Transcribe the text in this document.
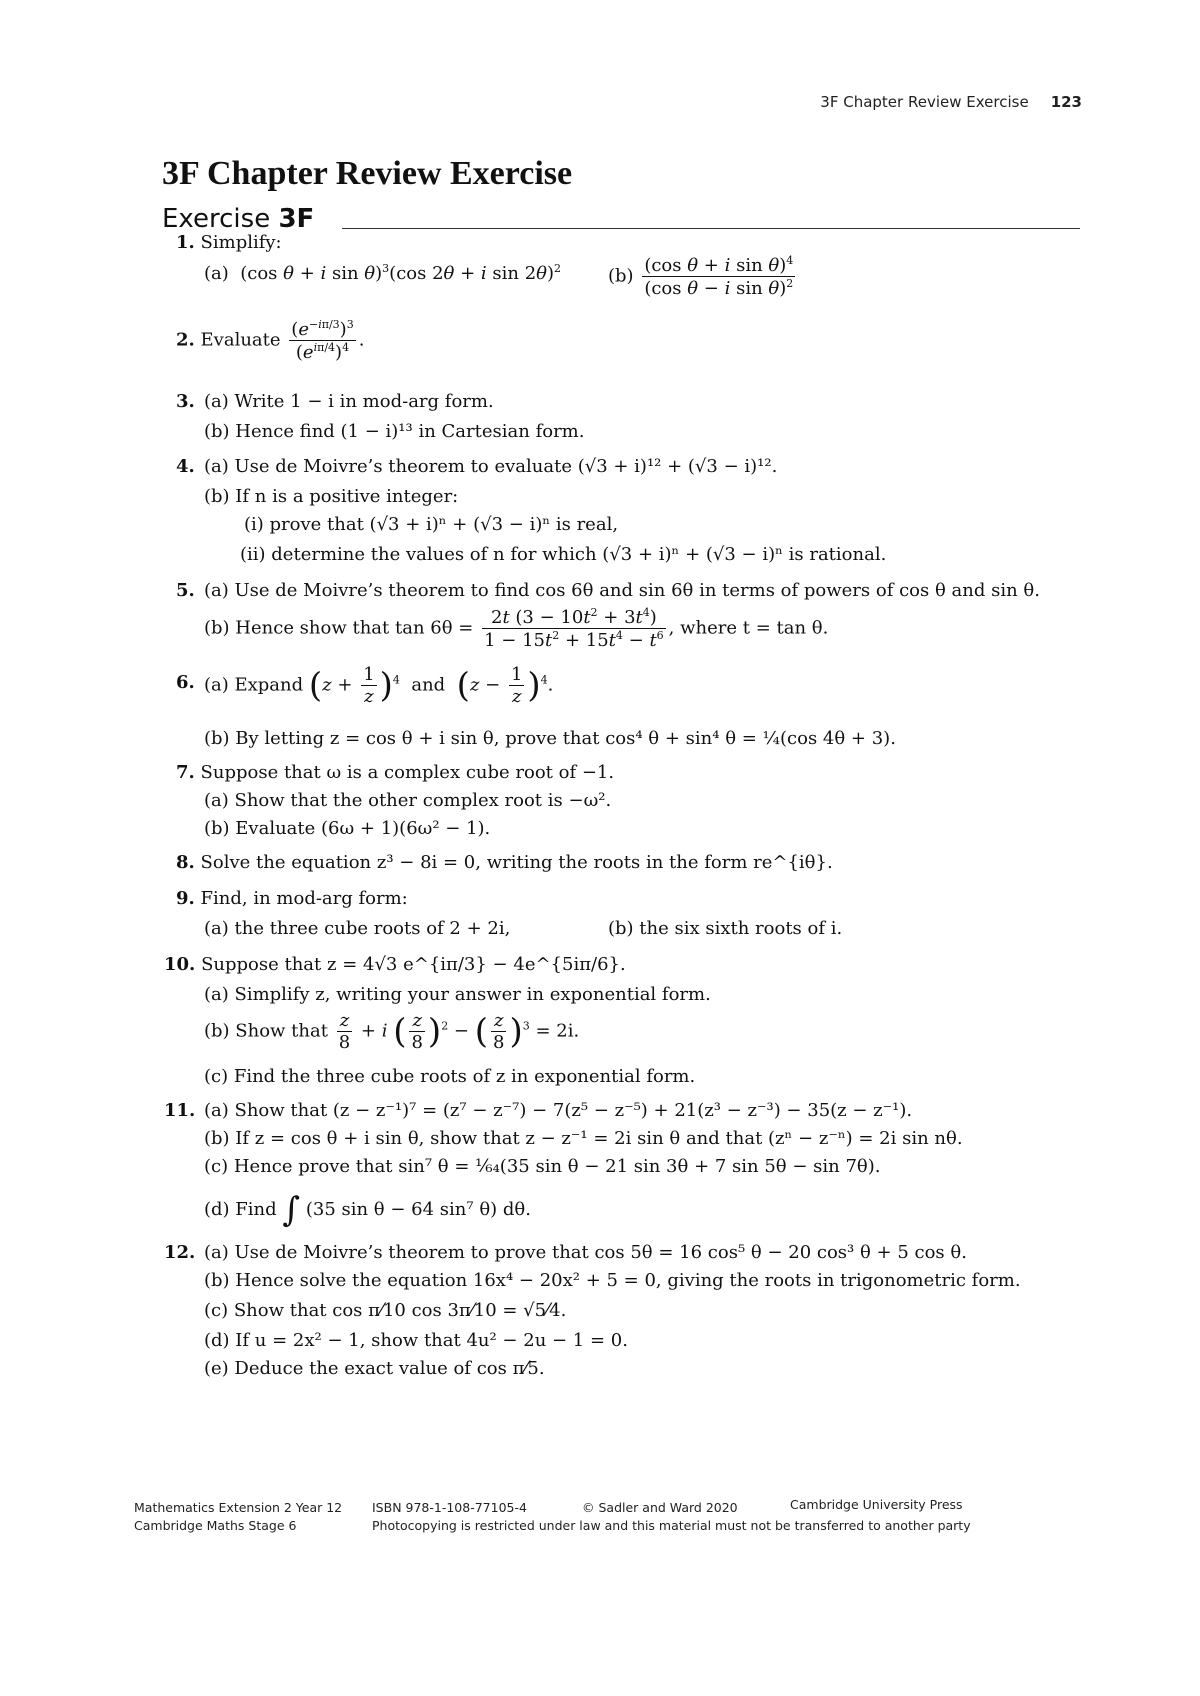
3F Chapter Review Exercise 123
3F Chapter Review Exercise
Exercise 3F
1. Simplify:
(a)  (cos θ + i sin θ)$^3$(cos 2θ + i sin 2θ)$^2$	$(b) \frac{(\cos \theta + i \sin \theta)^4}{(\cos \theta - i \sin \theta)^2}$
2. Evaluate $\frac{(e^{-i\pi/3})^3}{(e^{i\pi/4})^4}$ .
3. (a) Write 1 − i in mod-arg form.
(b) Hence find (1 − i)¹³ in Cartesian form.
4. (a) Use de Moivre’s theorem to evaluate (√3 + i)¹² + (√3 − i)¹².
(b) If n is a positive integer:
(i) prove that (√3 + i)ⁿ + (√3 − i)ⁿ is real,
(ii) determine the values of n for which (√3 + i)ⁿ + (√3 − i)ⁿ is rational.
5. (a) Use de Moivre’s theorem to find cos 6θ and sin 6θ in terms of powers of cos θ and sin θ.
(b) Hence show that $\tan 6\theta = \frac{2t (3 - 10t^2 + 3t^4)}{1 - 15t^2 + 15t^4 - t^6}$ , where t = tan θ.
6. (a) Expand $(z + \frac{1}{z} )^4$ and $(z - \frac{1}{z} )^4$.
(b) By letting z = cos θ + i sin θ, prove that cos⁴ θ + sin⁴ θ = ¼(cos 4θ + 3).
7. Suppose that ω is a complex cube root of −1.
(a) Show that the other complex root is −ω².
(b) Evaluate (6ω + 1)(6ω² − 1).
8. Solve the equation z³ − 8i = 0, writing the roots in the form re^{iθ}.
9. Find, in mod-arg form:
(a) the three cube roots of 2 + 2i,	(b) the six sixth roots of i.
10. Suppose that z = 4√3 e^{iπ/3} − 4e^{5iπ/6}.
(a) Simplify z, writing your answer in exponential form.
(b) Show that $\frac{z}{8} + i$ ( $\frac{z}{8} )^2$ − ( $\frac{z}{8} )^3 = 2i$.
(c) Find the three cube roots of z in exponential form.
11. (a) Show that (z − z⁻¹)⁷ = (z⁷ − z⁻⁷) − 7(z⁵ − z⁻⁵) + 21(z³ − z⁻³) − 35(z − z⁻¹).
(b) If z = cos θ + i sin θ, show that z − z⁻¹ = 2i sin θ and that (zⁿ − z⁻ⁿ) = 2i sin nθ.
(c) Hence prove that sin⁷ θ = ¹⁄₆₄(35 sin θ − 21 sin 3θ + 7 sin 5θ − sin 7θ).
(d) Find ∫ (35 sin θ − 64 sin⁷ θ) dθ.
12. (a) Use de Moivre’s theorem to prove that cos 5θ = 16 cos⁵ θ − 20 cos³ θ + 5 cos θ.
(b) Hence solve the equation 16x⁴ − 20x² + 5 = 0, giving the roots in trigonometric form.
(c) Show that cos π⁄10 cos 3π⁄10 = √5⁄4.
(d) If u = 2x² − 1, show that 4u² − 2u − 1 = 0.
(e) Deduce the exact value of cos π⁄5.
Mathematics Extension 2 Year 12 ISBN 978-1-108-77105-4	© Sadler and Ward 2020	Cambridge University Press
Cambridge Maths Stage 6	Photocopying is restricted under law and this material must not be transferred to another party
